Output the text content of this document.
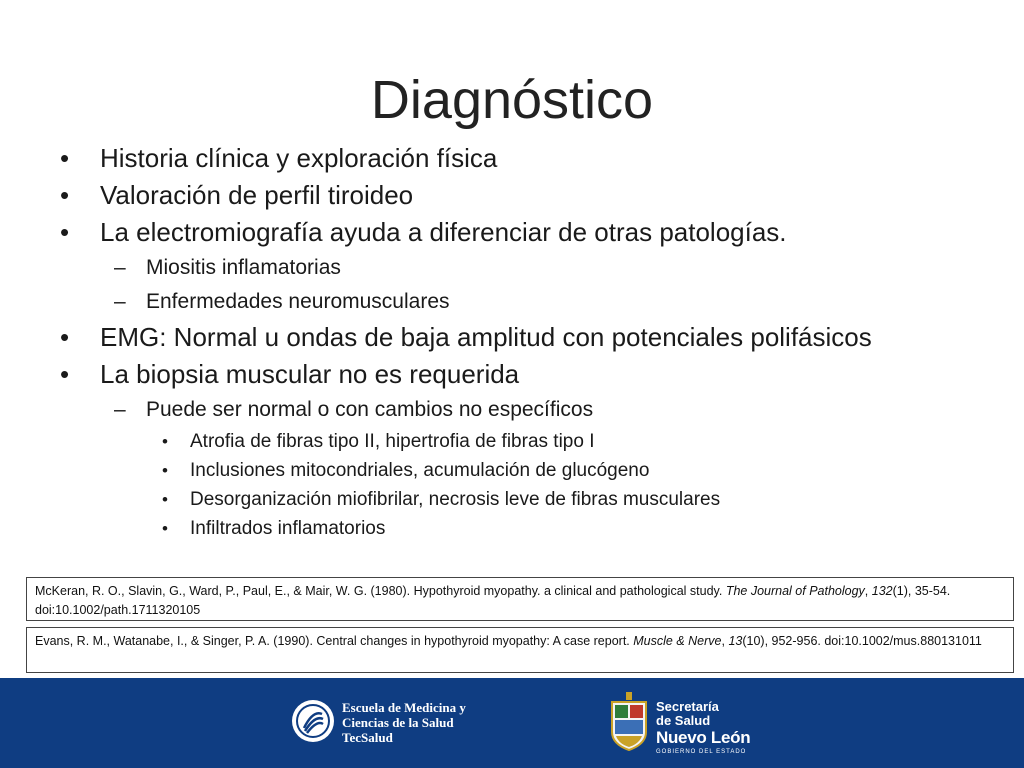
Diagnóstico
• Historia clínica y exploración física
• Valoración de perfil tiroideo
• La electromiografía ayuda a diferenciar de otras patologías.
– Miositis inflamatorias
– Enfermedades neuromusculares
• EMG: Normal u ondas de baja amplitud con potenciales polifásicos
• La biopsia muscular no es requerida
– Puede ser normal o con cambios no específicos
• Atrofia de fibras tipo II, hipertrofia de fibras tipo I
• Inclusiones mitocondriales, acumulación de glucógeno
• Desorganización miofibrilar, necrosis leve de fibras musculares
• Infiltrados inflamatorios
McKeran, R. O., Slavin, G., Ward, P., Paul, E., & Mair, W. G. (1980). Hypothyroid myopathy. a clinical and pathological study. The Journal of Pathology, 132(1), 35-54. doi:10.1002/path.1711320105
Evans, R. M., Watanabe, I., & Singer, P. A. (1990). Central changes in hypothyroid myopathy: A case report. Muscle & Nerve, 13(10), 952-956. doi:10.1002/mus.880131011
Escuela de Medicina y
Ciencias de la Salud
TecSalud
Secretaría
de Salud
Nuevo León
GOBIERNO DEL ESTADO
